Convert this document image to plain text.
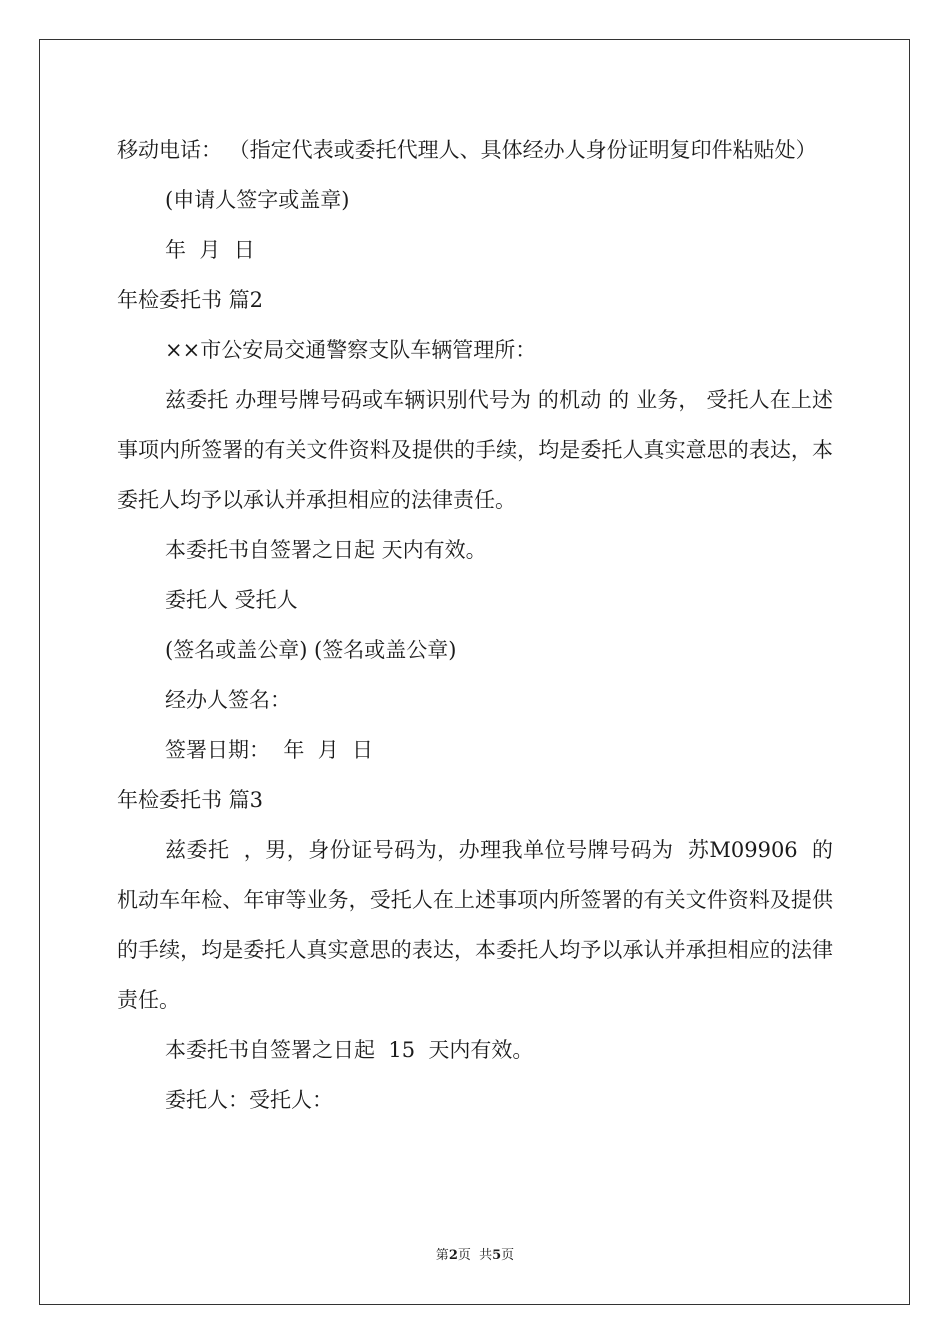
移动电话： （指定代表或委托代理人、具体经办人身份证明复印件粘贴处）
(申请人签字或盖章)
年  月  日
年检委托书 篇2
××市公安局交通警察支队车辆管理所：
兹委托 办理号牌号码或车辆识别代号为 的机动 的 业务， 受托人在上述事项内所签署的有关文件资料及提供的手续，均是委托人真实意思的表达，本委托人均予以承认并承担相应的法律责任。
本委托书自签署之日起 天内有效。
委托人 受托人
(签名或盖公章) (签名或盖公章)
经办人签名：
签署日期：  年  月  日
年检委托书 篇3
兹委托  ，男，身份证号码为，办理我单位号牌号码为  苏M09906  的机动车年检、年审等业务，受托人在上述事项内所签署的有关文件资料及提供的手续，均是委托人真实意思的表达，本委托人均予以承认并承担相应的法律责任。
本委托书自签署之日起  15  天内有效。
委托人：受托人：
第2页  共5页
